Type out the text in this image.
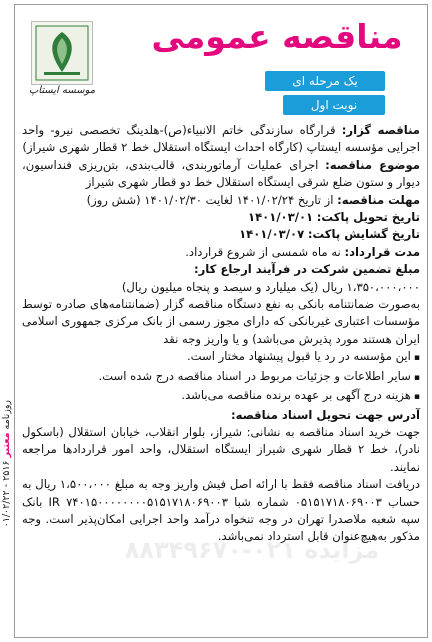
مناقصه عمومی
یک مرحله ای
نوبت اول
موسسه ایستاپ

مناقصه گزار: قرارگاه سازندگی خاتم الانبیاء(ص)-هلدینگ تخصصی نیرو- واحد اجرایی مؤسسه ایستاپ (کارگاه احداث ایستگاه استقلال خط ۲ قطار شهری شیراز)

موضوع مناقصه: اجرای عملیات آرماتوربندی، قالب‌بندی، بتن‌ریزی فنداسیون، دیوار و ستون ضلع شرقی ایستگاه استقلال خط دو قطار شهری شیراز

مهلت مناقصه: از تاریخ ۱۴۰۱/۰۲/۲۴ لغایت ۱۴۰۱/۰۲/۳۰ (شش روز)

تاریخ تحویل پاکت: ۱۴۰۱/۰۳/۰۱

تاریخ گشایش پاکت: ۱۴۰۱/۰۳/۰۷

مدت قرارداد: نه ماه شمسی از شروع قرارداد.

مبلغ تضمین شرکت در فرآیند ارجاع کار:

۱،۳۵۰،۰۰۰،۰۰۰ ریال (یک میلیارد و سیصد و پنجاه میلیون ریال)

به‌صورت ضمانتنامه بانکی به نفع دستگاه مناقصه گزار (ضمانتنامه‌های صادره توسط مؤسسات اعتباری غیربانکی که دارای مجوز رسمی از بانک مرکزی جمهوری اسلامی ایران هستند مورد پذیرش می‌باشد) و یا واریز وجه نقد

▪ این مؤسسه در رد یا قبول پیشنهاد مختار است.
▪ سایر اطلاعات و جزئیات مربوط در اسناد مناقصه درج شده است.
▪ هزینه درج آگهی بر عهده برنده مناقصه می‌باشد.

آدرس جهت تحویل اسناد مناقصه:

جهت خرید اسناد مناقصه به نشانی: شیراز، بلوار انقلاب، خیابان استقلال (باسکول نادر)، خط ۲ قطار شهری شیراز ایستگاه استقلال، واحد امور قراردادها مراجعه نمایند.

دریافت اسناد مناقصه فقط با ارائه اصل فیش واریز وجه به مبلغ ۱،۵۰۰،۰۰۰ ریال به حساب ۰۵۱۵۱۷۱۸۰۶۹۰۰۳ شماره شبا IR ۷۴۰۱۵۰۰۰۰۰۰۰۰۵۱۵۱۷۱۸۰۶۹۰۰۳ بانک سپه شعبه ملاصدرا تهران در وجه تنخواه درآمد واحد اجرایی امکان‌پذیر است. وجه مذکور به‌هیچ‌عنوان قابل استرداد نمی‌باشد.

مزایده ۰۲۱-۸۸۳۴۹۶۷۰
روزنامه معتبر ۲۵۱۶ - ۰۱/۰۲/۲۲
